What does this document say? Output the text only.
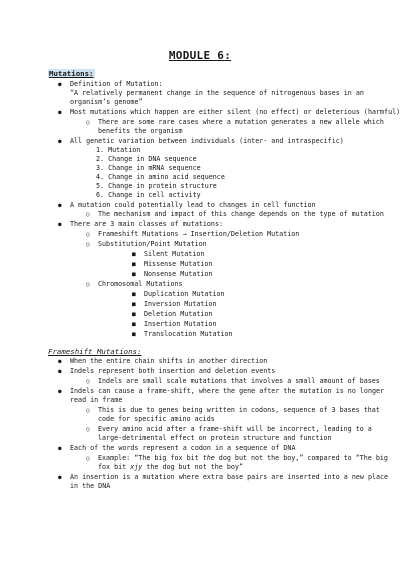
MODULE 6:
Mutations:
● Definition of Mutation:
“A relatively permanent change in the sequence of nitrogenous bases in an
organism’s genome”
● Most mutations which happen are either silent (no effect) or deleterious (harmful)
○ There are some rare cases where a mutation generates a new allele which
benefits the organism
● All genetic variation between individuals (inter- and intraspecific)
1. Mutation
2. Change in DNA sequence
3. Change in mRNA sequence
4. Change in amino acid sequence
5. Change in protein structure
6. Change in cell activity
● A mutation could potentially lead to changes in cell function
○ The mechanism and impact of this change depends on the type of mutation
● There are 3 main classes of mutations:
○ Frameshift Mutations → Insertion/Deletion Mutation
○ Substitution/Point Mutation
■ Silent Mutation
■ Missense Mutation
■ Nonsense Mutation
○ Chromosomal Mutations
■ Duplication Mutation
■ Inversion Mutation
■ Deletion Mutation
■ Insertion Mutation
■ Translocation Mutation
Frameshift Mutations:
● When the entire chain shifts in another direction
● Indels represent both insertion and deletion events
○ Indels are small scale mutations that involves a small amount of bases
● Indels can cause a frame-shift, where the gene after the mutation is no longer
read in frame
○ This is due to genes being written in codons, sequence of 3 bases that
code for specific amino acids
○ Every amino acid after a frame-shift will be incorrect, leading to a
large-detrimental effect on protein structure and function
● Each of the words represent a codon in a sequence of DNA
○ Example: “The big fox bit the dog but not the boy,” compared to “The big
fox bit xjy the dog but not the boy”
● An insertion is a mutation where extra base pairs are inserted into a new place
in the DNA
